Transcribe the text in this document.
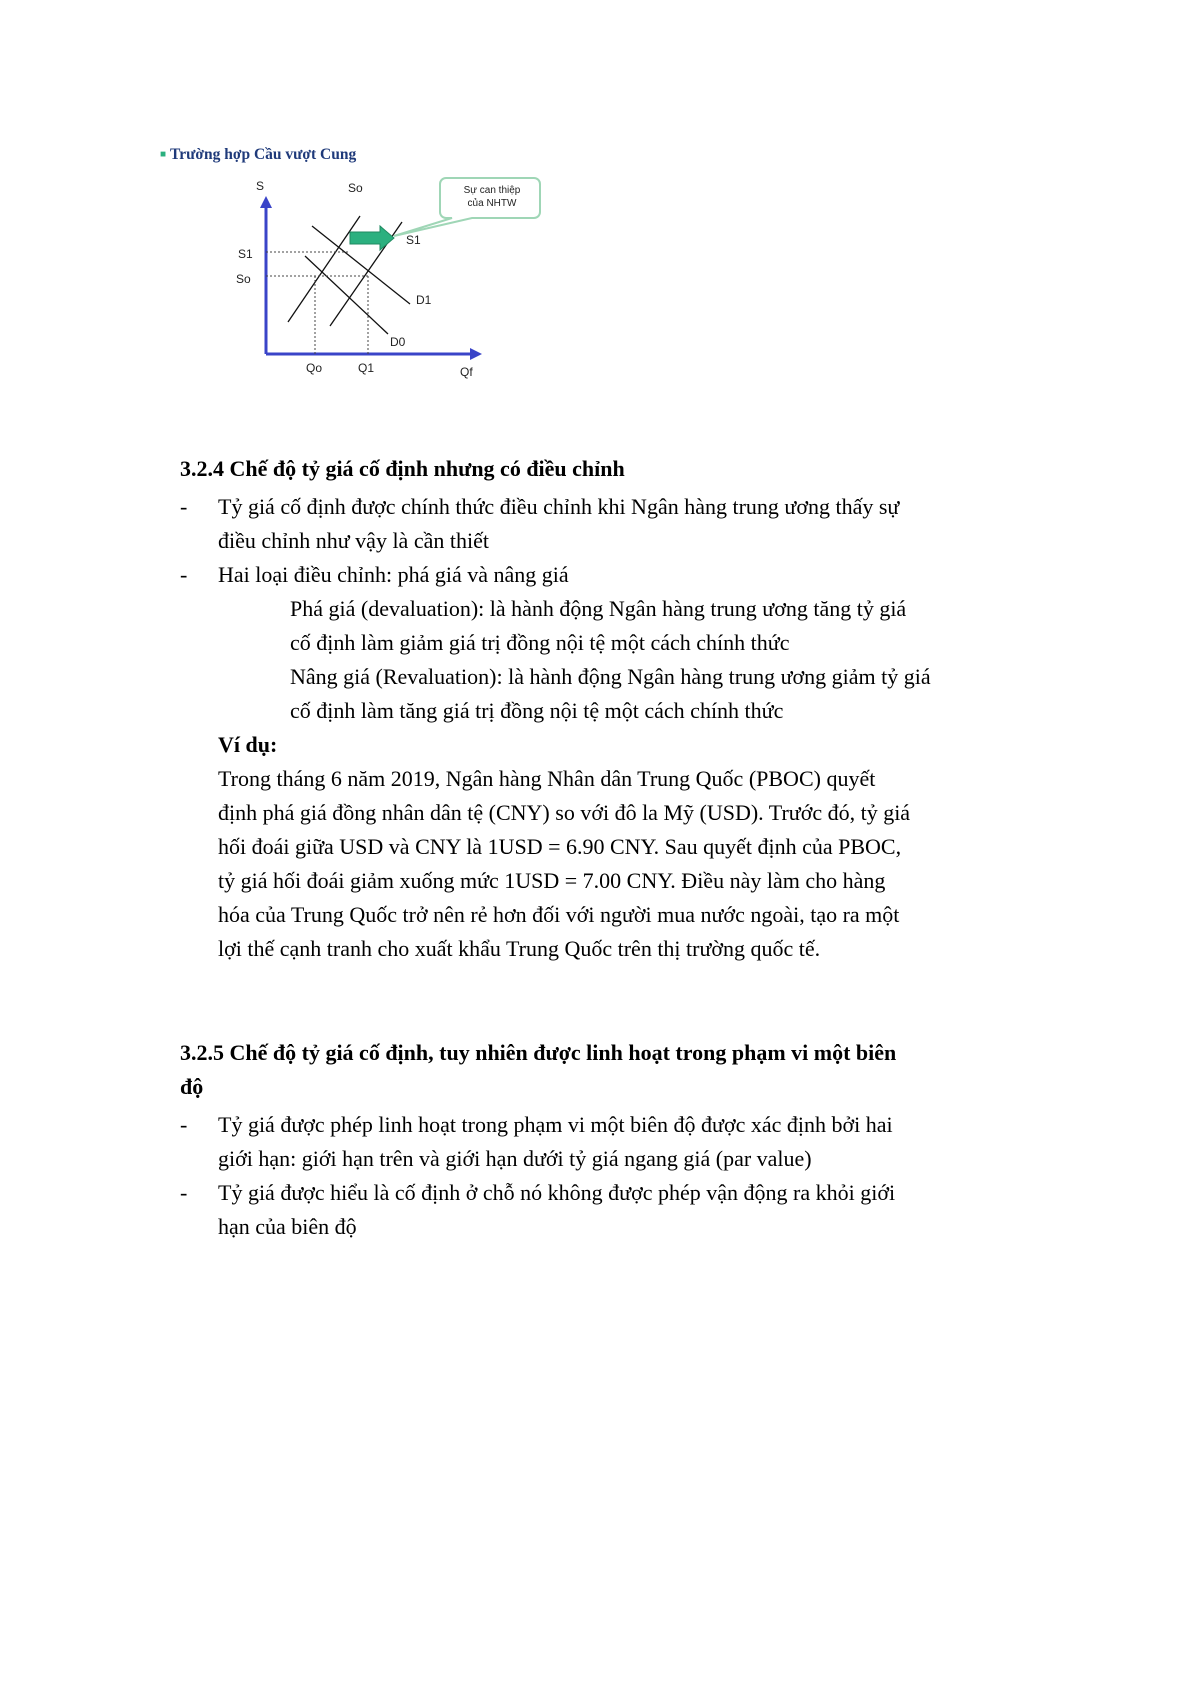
■ Trường hợp Cầu vượt Cung
Sự can thiệp
của NHTW
S	So
S1
D1
D0
S1
So
Qo	Q1	Qf
3.2.4 Chế độ tỷ giá cố định nhưng có điều chỉnh
- Tỷ giá cố định được chính thức điều chỉnh khi Ngân hàng trung ương thấy sự
điều chỉnh như vậy là cần thiết
- Hai loại điều chỉnh: phá giá và nâng giá
Phá giá (devaluation): là hành động Ngân hàng trung ương tăng tỷ giá
cố định làm giảm giá trị đồng nội tệ một cách chính thức
Nâng giá (Revaluation): là hành động Ngân hàng trung ương giảm tỷ giá
cố định làm tăng giá trị đồng nội tệ một cách chính thức
Ví dụ:
Trong tháng 6 năm 2019, Ngân hàng Nhân dân Trung Quốc (PBOC) quyết
định phá giá đồng nhân dân tệ (CNY) so với đô la Mỹ (USD). Trước đó, tỷ giá
hối đoái giữa USD và CNY là 1USD = 6.90 CNY. Sau quyết định của PBOC,
tỷ giá hối đoái giảm xuống mức 1USD = 7.00 CNY. Điều này làm cho hàng
hóa của Trung Quốc trở nên rẻ hơn đối với người mua nước ngoài, tạo ra một
lợi thế cạnh tranh cho xuất khẩu Trung Quốc trên thị trường quốc tế.
3.2.5 Chế độ tỷ giá cố định, tuy nhiên được linh hoạt trong phạm vi một biên
độ
- Tỷ giá được phép linh hoạt trong phạm vi một biên độ được xác định bởi hai
giới hạn: giới hạn trên và giới hạn dưới tỷ giá ngang giá (par value)
- Tỷ giá được hiểu là cố định ở chỗ nó không được phép vận động ra khỏi giới
hạn của biên độ
